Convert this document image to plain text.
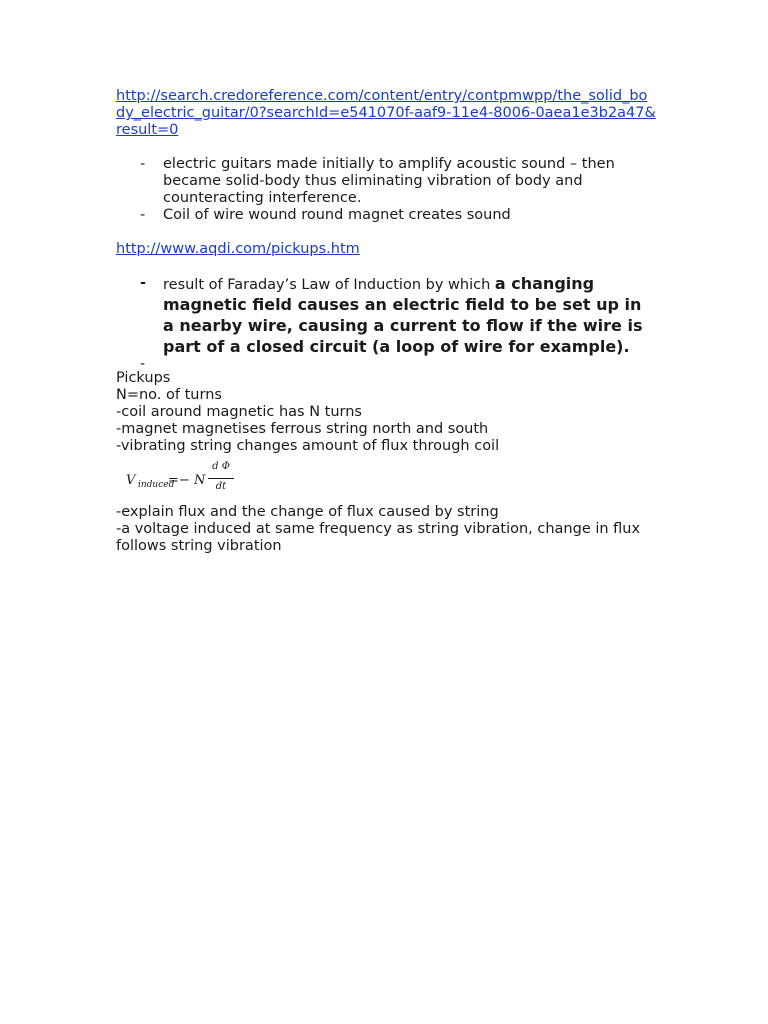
http://search.credoreference.com/content/entry/contpmwpp/the_solid_body_electric_guitar/0?searchId=e541070f-aaf9-11e4-8006-0aea1e3b2a47&result=0
- electric guitars made initially to amplify acoustic sound – then became solid-body thus eliminating vibration of body and counteracting interference.
- Coil of wire wound round magnet creates sound
http://www.aqdi.com/pickups.htm
- result of Faraday’s Law of Induction by which a changing magnetic field causes an electric field to be set up in a nearby wire, causing a current to flow if the wire is part of a closed circuit (a loop of wire for example).
-

Pickups

N=no. of turns

-coil around magnetic has N turns

-magnet magnetises ferrous string north and south

-vibrating string changes amount of flux through coil

V induced
=− N
d Φ
dt

-explain flux and the change of flux caused by string

-a voltage induced at same frequency as string vibration, change in flux follows string vibration
